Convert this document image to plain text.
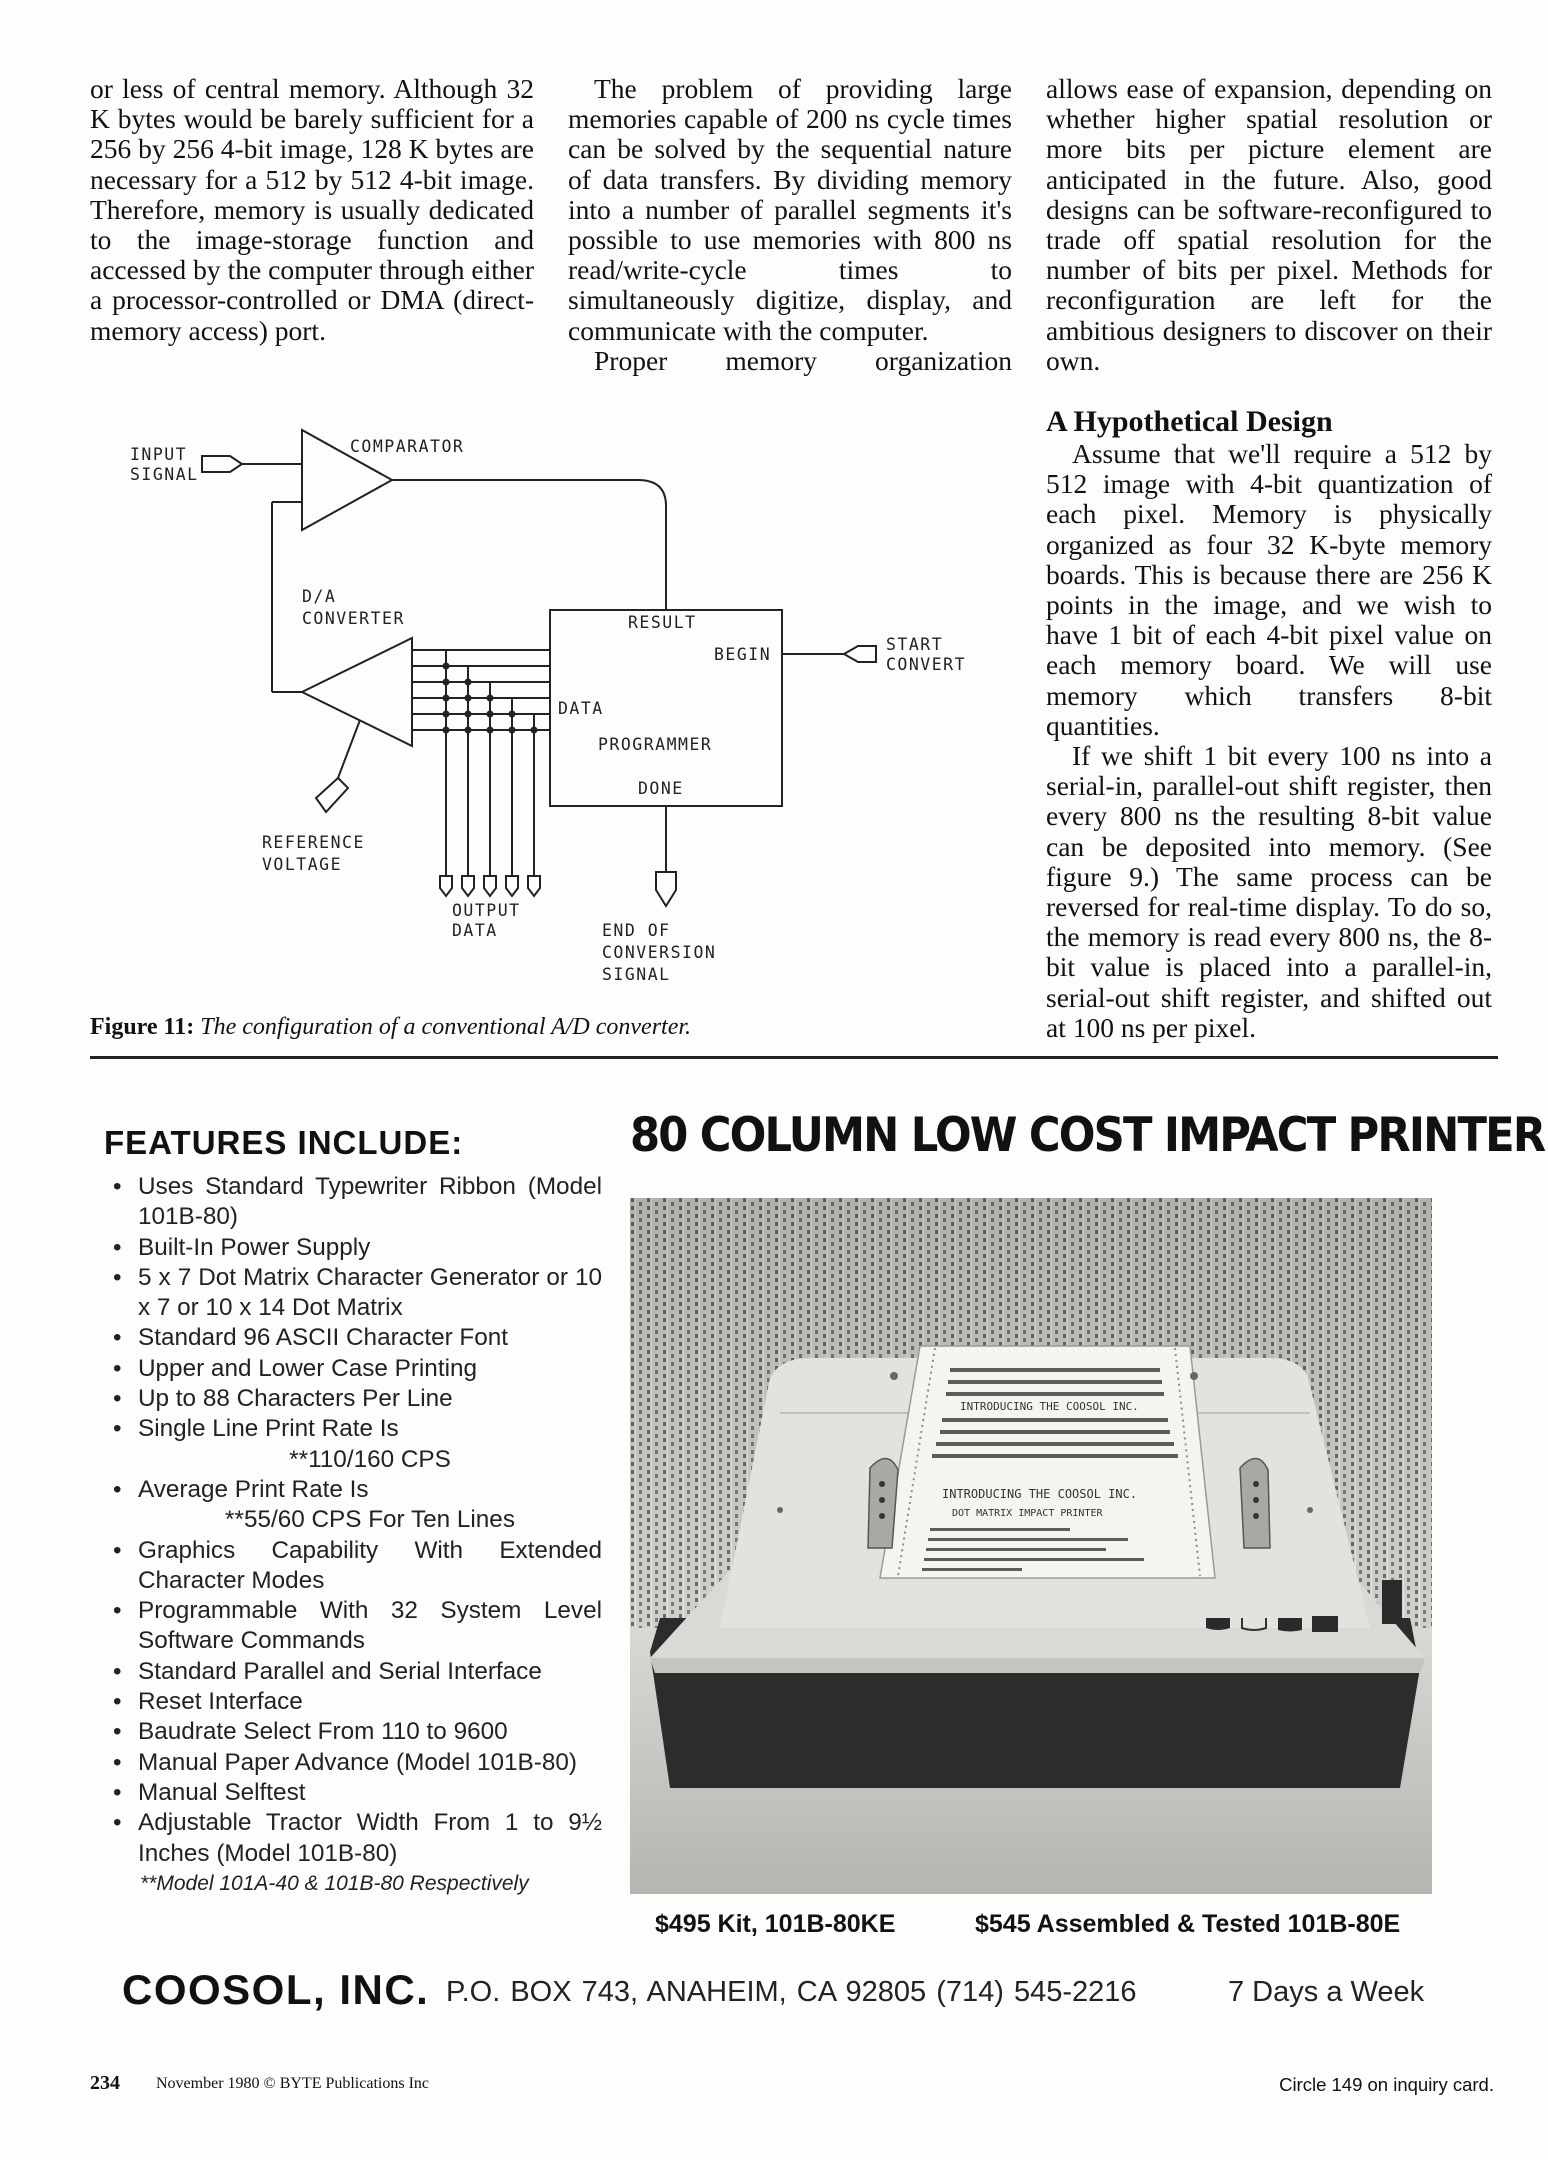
or less of central memory. Although 32 K bytes would be barely sufficient for a 256 by 256 4-bit image, 128 K bytes are necessary for a 512 by 512 4-bit image. Therefore, memory is usually dedicated to the image-storage function and accessed by the computer through either a processor-controlled or DMA (direct-memory access) port.

The problem of providing large memories capable of 200 ns cycle times can be solved by the sequential nature of data transfers. By dividing memory into a number of parallel segments it's possible to use memories with 800 ns read/write-cycle times to simultaneously digitize, display, and communicate with the computer.

Proper memory organization

allows ease of expansion, depending on whether higher spatial resolution or more bits per picture element are anticipated in the future. Also, good designs can be software-reconfigured to trade off spatial resolution for the number of bits per pixel. Methods for reconfiguration are left for the ambitious designers to discover on their own.

A Hypothetical Design

Assume that we'll require a 512 by 512 image with 4-bit quantization of each pixel. Memory is physically organized as four 32 K-byte memory boards. This is because there are 256 K points in the image, and we wish to have 1 bit of each 4-bit pixel value on each memory board. We will use memory which transfers 8-bit quantities.

If we shift 1 bit every 100 ns into a serial-in, parallel-out shift register, then every 800 ns the resulting 8-bit value can be deposited into memory. (See figure 9.) The same process can be reversed for real-time display. To do so, the memory is read every 800 ns, the 8-bit value is placed into a parallel-in, serial-out shift register, and shifted out at 100 ns per pixel.

INPUT
SIGNAL
COMPARATOR
D/A
CONVERTER	RESULT
BEGIN
START
CONVERT
DATA
PROGRAMMER
DONE
REFERENCE
VOLTAGE
OUTPUT
DATA	END OF
CONVERSION
SIGNAL

Figure 11: The configuration of a conventional A/D converter.

FEATURES INCLUDE:
• Uses Standard Typewriter Ribbon (Model 101B-80)
• Built-In Power Supply
• 5 x 7 Dot Matrix Character Generator or 10 x 7 or 10 x 14 Dot Matrix
• Standard 96 ASCII Character Font
• Upper and Lower Case Printing
• Up to 88 Characters Per Line
• Single Line Print Rate Is
**110/160 CPS
• Average Print Rate Is
**55/60 CPS For Ten Lines
• Graphics Capability With Extended Character Modes
• Programmable With 32 System Level Software Commands
• Standard Parallel and Serial Interface
• Reset Interface
• Baudrate Select From 110 to 9600
• Manual Paper Advance (Model 101B-80)
• Manual Selftest
• Adjustable Tractor Width From 1 to 9½ Inches (Model 101B-80)

**Model 101A-40 & 101B-80 Respectively

80 COLUMN LOW COST IMPACT PRINTER
INTRODUCING THE COOSOL INC.
INTRODUCING THE COOSOL INC.
DOT MATRIX IMPACT PRINTER

$495 Kit, 101B-80KE	$545 Assembled & Tested 101B-80E

COOSOL, INC. P.O. BOX 743, ANAHEIM, CA 92805 (714) 545-2216	7 Days a Week

234 November 1980 © BYTE Publications Inc	Circle 149 on inquiry card.
